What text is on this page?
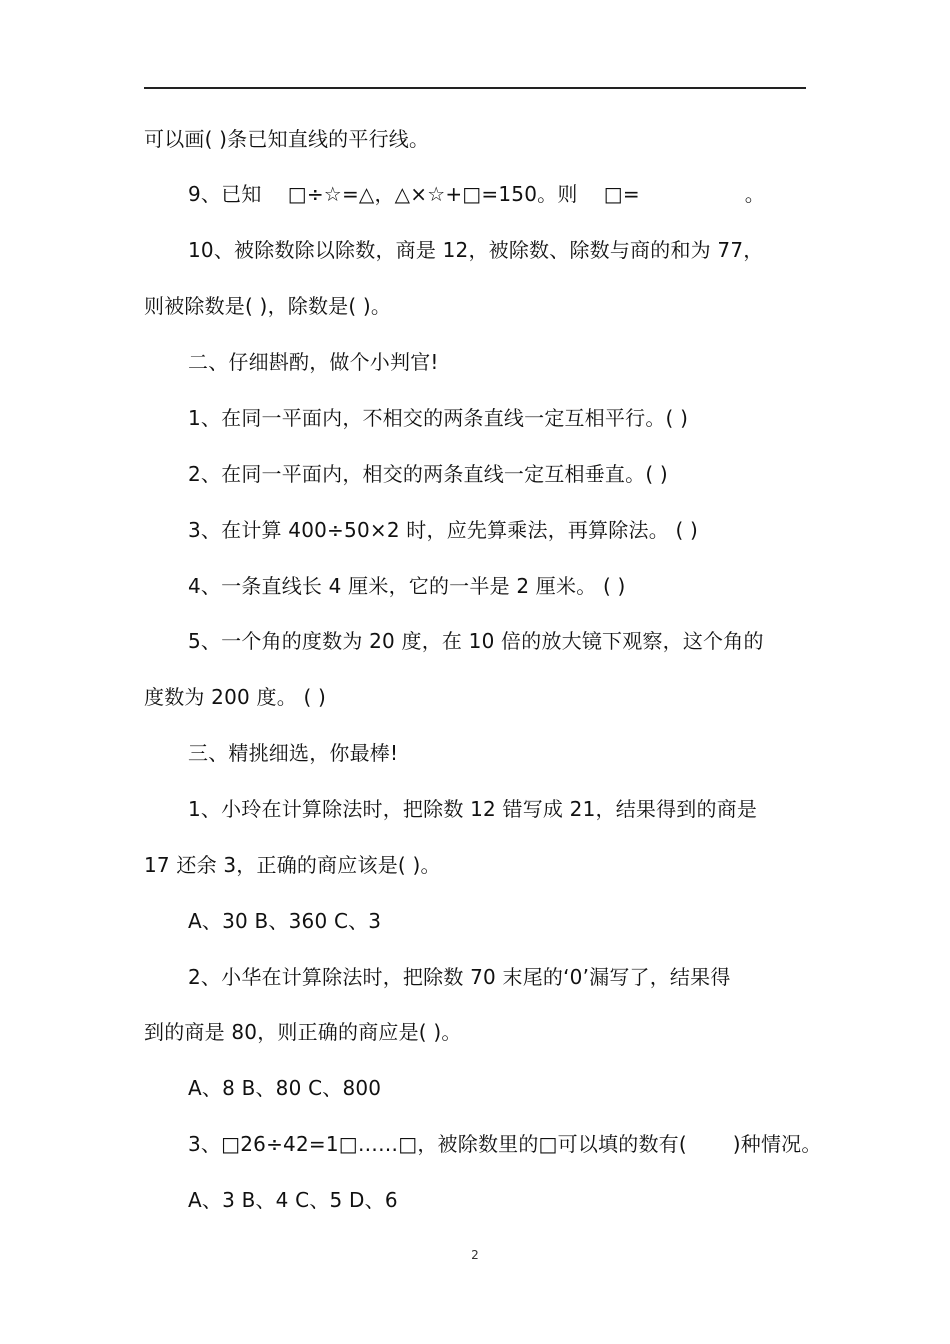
可以画( )条已知直线的平行线。
9、已知    □÷☆=△，△×☆+□=150。则    □=                。
10、被除数除以除数，商是 12，被除数、除数与商的和为 77，
则被除数是( )，除数是( )。
二、仔细斟酌，做个小判官!
1、在同一平面内，不相交的两条直线一定互相平行。( )
2、在同一平面内，相交的两条直线一定互相垂直。( )
3、在计算 400÷50×2 时，应先算乘法，再算除法。 ( )
4、一条直线长 4 厘米，它的一半是 2 厘米。 ( )
5、一个角的度数为 20 度，在 10 倍的放大镜下观察，这个角的
度数为 200 度。 ( )
三、精挑细选，你最棒!
1、小玲在计算除法时，把除数 12 错写成 21，结果得到的商是
17 还余 3，正确的商应该是( )。
A、30 B、360 C、3
2、小华在计算除法时，把除数 70 末尾的‘0’漏写了，结果得
到的商是 80，则正确的商应是( )。
A、8 B、80 C、800
3、□26÷42=1□……□，被除数里的□可以填的数有(       )种情况。
A、3 B、4 C、5 D、6
2
